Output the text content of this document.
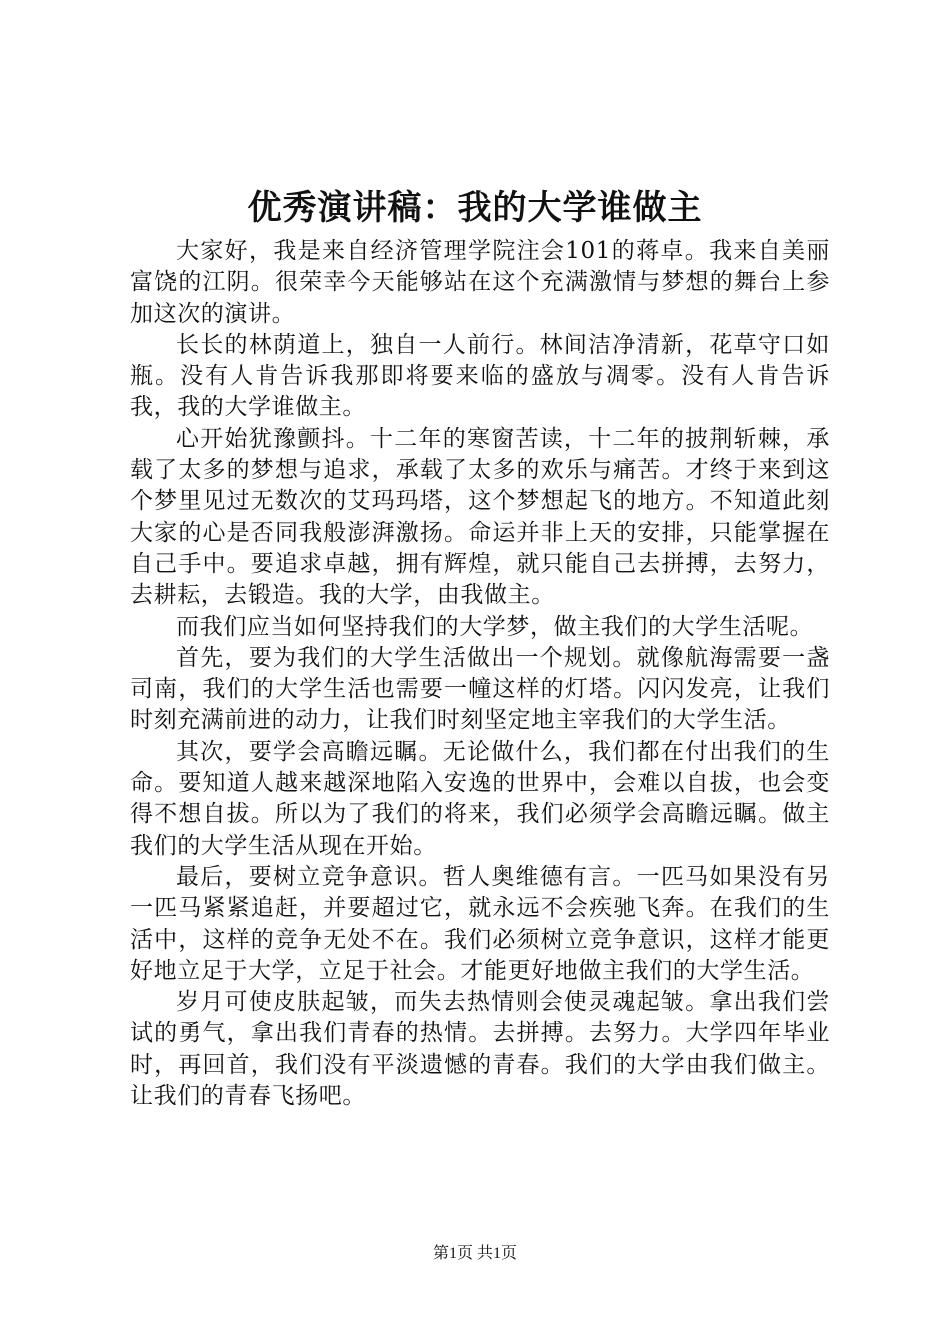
优秀演讲稿：我的大学谁做主

大家好，我是来自经济管理学院注会101的蒋卓。我来自美丽富饶的江阴。很荣幸今天能够站在这个充满激情与梦想的舞台上参加这次的演讲。

长长的林荫道上，独自一人前行。林间洁净清新，花草守口如瓶。没有人肯告诉我那即将要来临的盛放与凋零。没有人肯告诉我，我的大学谁做主。

心开始犹豫颤抖。十二年的寒窗苦读，十二年的披荆斩棘，承载了太多的梦想与追求，承载了太多的欢乐与痛苦。才终于来到这个梦里见过无数次的艾玛玛塔，这个梦想起飞的地方。不知道此刻大家的心是否同我般澎湃激扬。命运并非上天的安排，只能掌握在自己手中。要追求卓越，拥有辉煌，就只能自己去拼搏，去努力，去耕耘，去锻造。我的大学，由我做主。

而我们应当如何坚持我们的大学梦，做主我们的大学生活呢。

首先，要为我们的大学生活做出一个规划。就像航海需要一盏司南，我们的大学生活也需要一幢这样的灯塔。闪闪发亮，让我们时刻充满前进的动力，让我们时刻坚定地主宰我们的大学生活。

其次，要学会高瞻远瞩。无论做什么，我们都在付出我们的生命。要知道人越来越深地陷入安逸的世界中，会难以自拔，也会变得不想自拔。所以为了我们的将来，我们必须学会高瞻远瞩。做主我们的大学生活从现在开始。

最后，要树立竞争意识。哲人奥维德有言。一匹马如果没有另一匹马紧紧追赶，并要超过它，就永远不会疾驰飞奔。在我们的生活中，这样的竞争无处不在。我们必须树立竞争意识，这样才能更好地立足于大学，立足于社会。才能更好地做主我们的大学生活。

岁月可使皮肤起皱，而失去热情则会使灵魂起皱。拿出我们尝试的勇气，拿出我们青春的热情。去拼搏。去努力。大学四年毕业时，再回首，我们没有平淡遗憾的青春。我们的大学由我们做主。让我们的青春飞扬吧。

第1页 共1页
